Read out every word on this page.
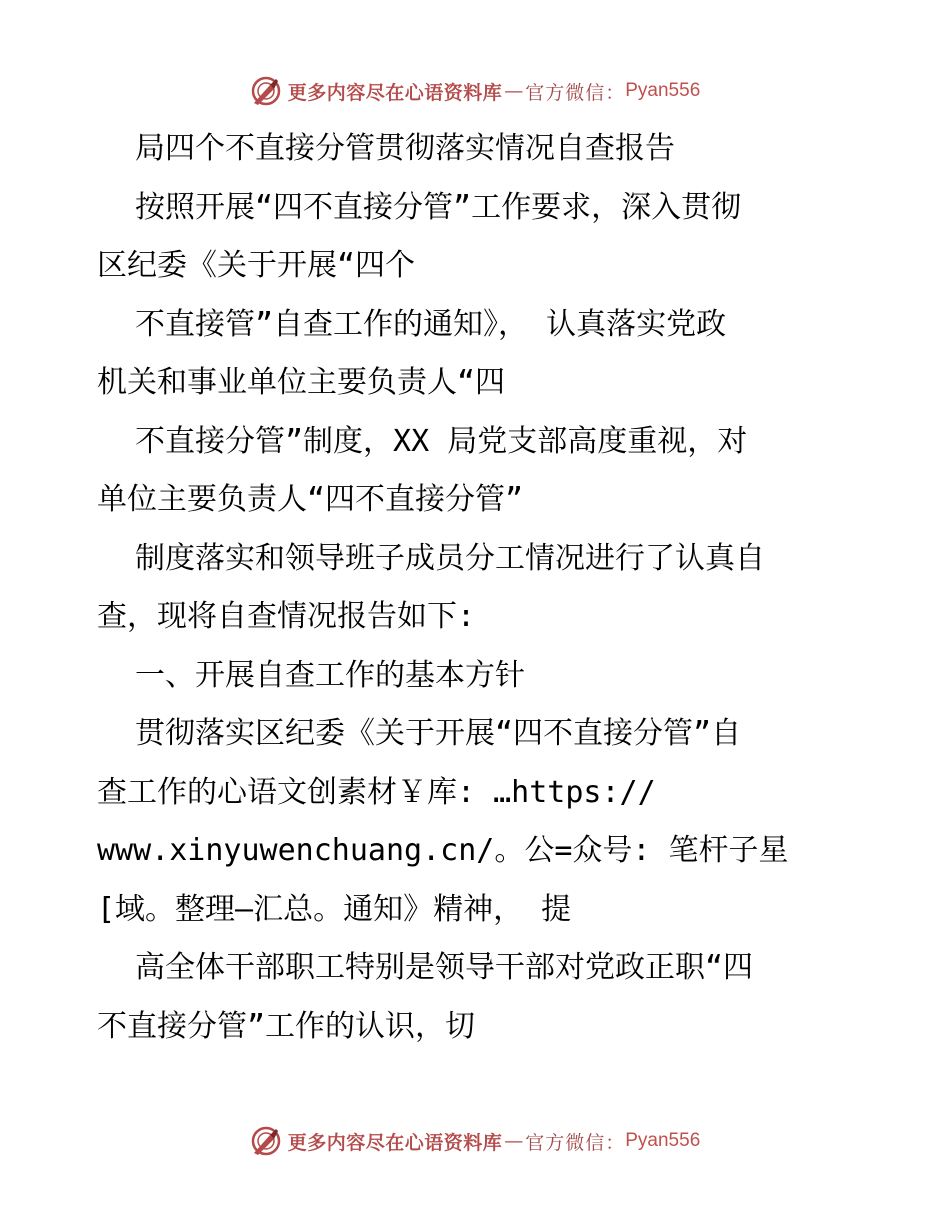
更多内容尽在心语资料库 — 官方微信： Pyan556
局四个不直接分管贯彻落实情况自查报告
按照开展“四不直接分管”工作要求，深入贯彻
区纪委《关于开展“四个
不直接管”自查工作的通知》， 认真落实党政
机关和事业单位主要负责人“四
不直接分管”制度，XX 局党支部高度重视，对
单位主要负责人“四不直接分管”
制度落实和领导班子成员分工情况进行了认真自
查，现将自查情况报告如下:
一、开展自查工作的基本方针
贯彻落实区纪委《关于开展“四不直接分管”自
查工作的心语文创素材￥库: …https://
www.xinyuwenchuang.cn/。公=众号: 笔杆子星
[域。整理—汇总。通知》精神， 提
高全体干部职工特别是领导干部对党政正职“四
不直接分管”工作的认识，切
更多内容尽在心语资料库 — 官方微信： Pyan556
